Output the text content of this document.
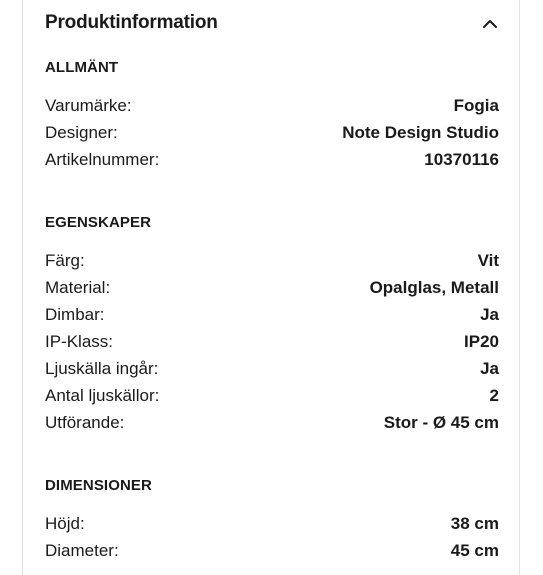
Produktinformation
ALLMÄNT
Varumärke:	Fogia
Designer:	Note Design Studio
Artikelnummer:	10370116
EGENSKAPER
Färg:	Vit
Material:	Opalglas, Metall
Dimbar:	Ja
IP-Klass:	IP20
Ljuskälla ingår:	Ja
Antal ljuskällor:	2
Utförande:	Stor - Ø 45 cm
DIMENSIONER
Höjd:	38 cm
Diameter:	45 cm
